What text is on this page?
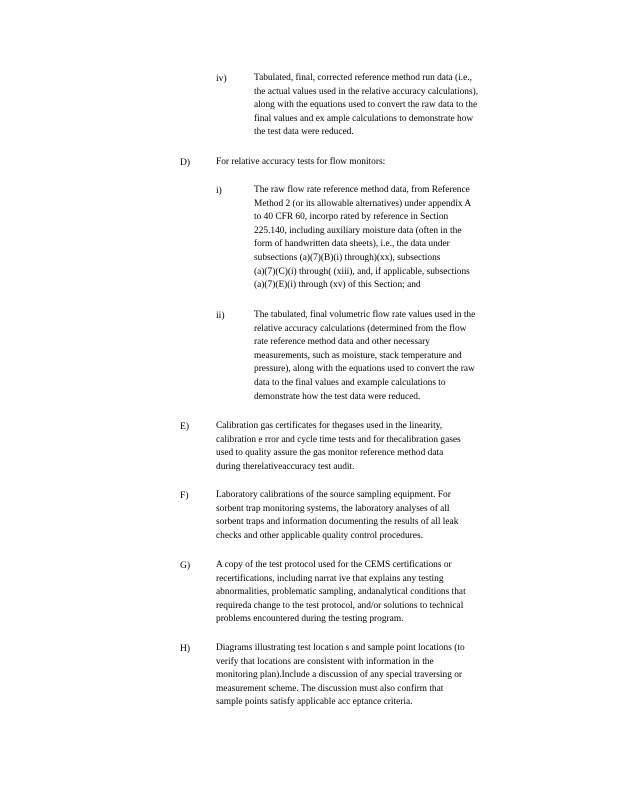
iv)	Tabulated, final, corrected reference method run data (i.e.,
the actual values used in the relative accuracy calculations),
along with the equations used to convert the raw data to the
final values and ex ample calculations to demonstrate how
the test data were reduced.
D)	For relative accuracy tests for flow monitors:
i)	The raw flow rate reference method data, from Reference
Method 2 (or its allowable alternatives) under appendix A
to 40 CFR 60, incorpo rated by reference in Section
225.140, including auxiliary moisture data (often in the
form of handwritten data sheets), i.e., the data under
subsections (a)(7)(B)(i) through)(xx), subsections
(a)(7)(C)(i) through( (xiii), and, if applicable, subsections
(a)(7)(E)(i) through (xv) of this Section; and
ii)	The tabulated, final volumetric flow rate values used in the
relative accuracy calculations (determined from the flow
rate reference method data and other necessary
measurements, such as moisture, stack temperature and
pressure), along with the equations used to convert the raw
data to the final values and example calculations to
demonstrate how the test data were reduced.
E)	Calibration gas certificates for thegases used in the linearity,
calibration e rror and cycle time tests and for thecalibration gases
used to quality assure the gas monitor reference method data
during therelativeaccuracy test audit.
F)	Laboratory calibrations of the source sampling equipment. For
sorbent trap monitoring systems, the laboratory analyses of all
sorbent traps and information documenting the results of all leak
checks and other applicable quality control procedures.
G)	A copy of the test protocol used for the CEMS certifications or
recertifications, including narrat ive that explains any testing
abnormalities, problematic sampling, andanalytical conditions that
requireda change to the test protocol, and/or solutions to technical
problems encountered during the testing program.
H)	Diagrams illustrating test location s and sample point locations (to
verify that locations are consistent with information in the
monitoring plan).Include a discussion of any special traversing or
measurement scheme. The discussion must also confirm that
sample points satisfy applicable acc eptance criteria.
